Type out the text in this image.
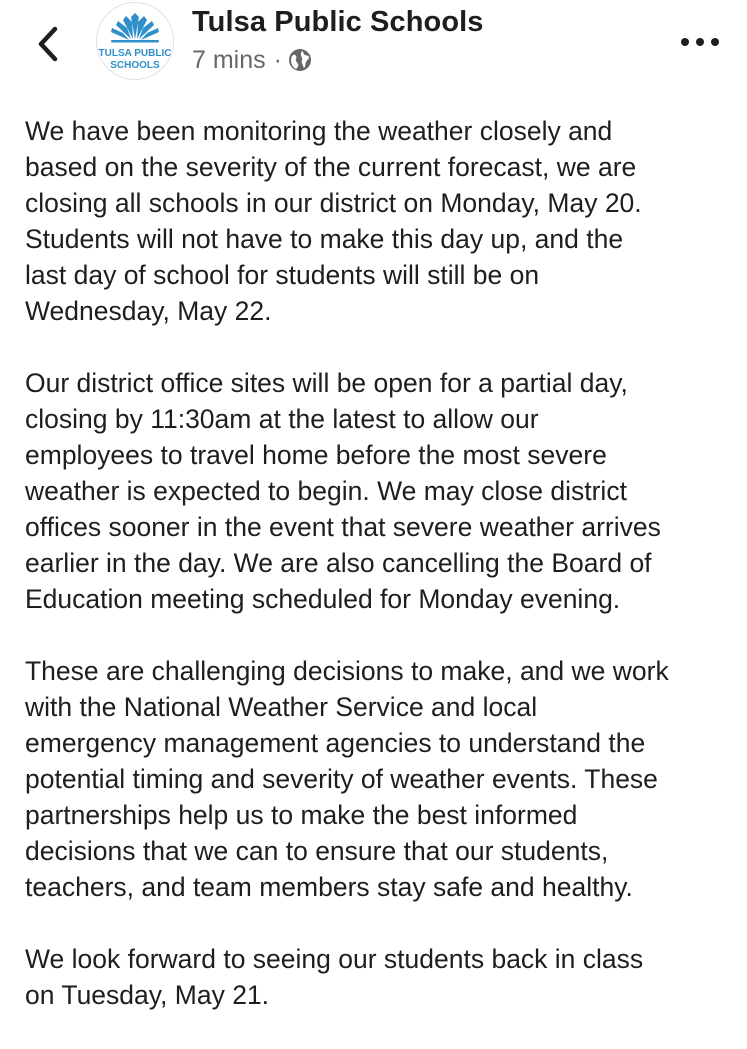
TULSA PUBLIC
SCHOOLS
Tulsa Public Schools
7 mins ·

We have been monitoring the weather closely and
based on the severity of the current forecast, we are
closing all schools in our district on Monday, May 20.
Students will not have to make this day up, and the
last day of school for students will still be on
Wednesday, May 22.

Our district office sites will be open for a partial day,
closing by 11:30am at the latest to allow our
employees to travel home before the most severe
weather is expected to begin. We may close district
offices sooner in the event that severe weather arrives
earlier in the day. We are also cancelling the Board of
Education meeting scheduled for Monday evening.

These are challenging decisions to make, and we work
with the National Weather Service and local
emergency management agencies to understand the
potential timing and severity of weather events. These
partnerships help us to make the best informed
decisions that we can to ensure that our students,
teachers, and team members stay safe and healthy.

We look forward to seeing our students back in class
on Tuesday, May 21.
